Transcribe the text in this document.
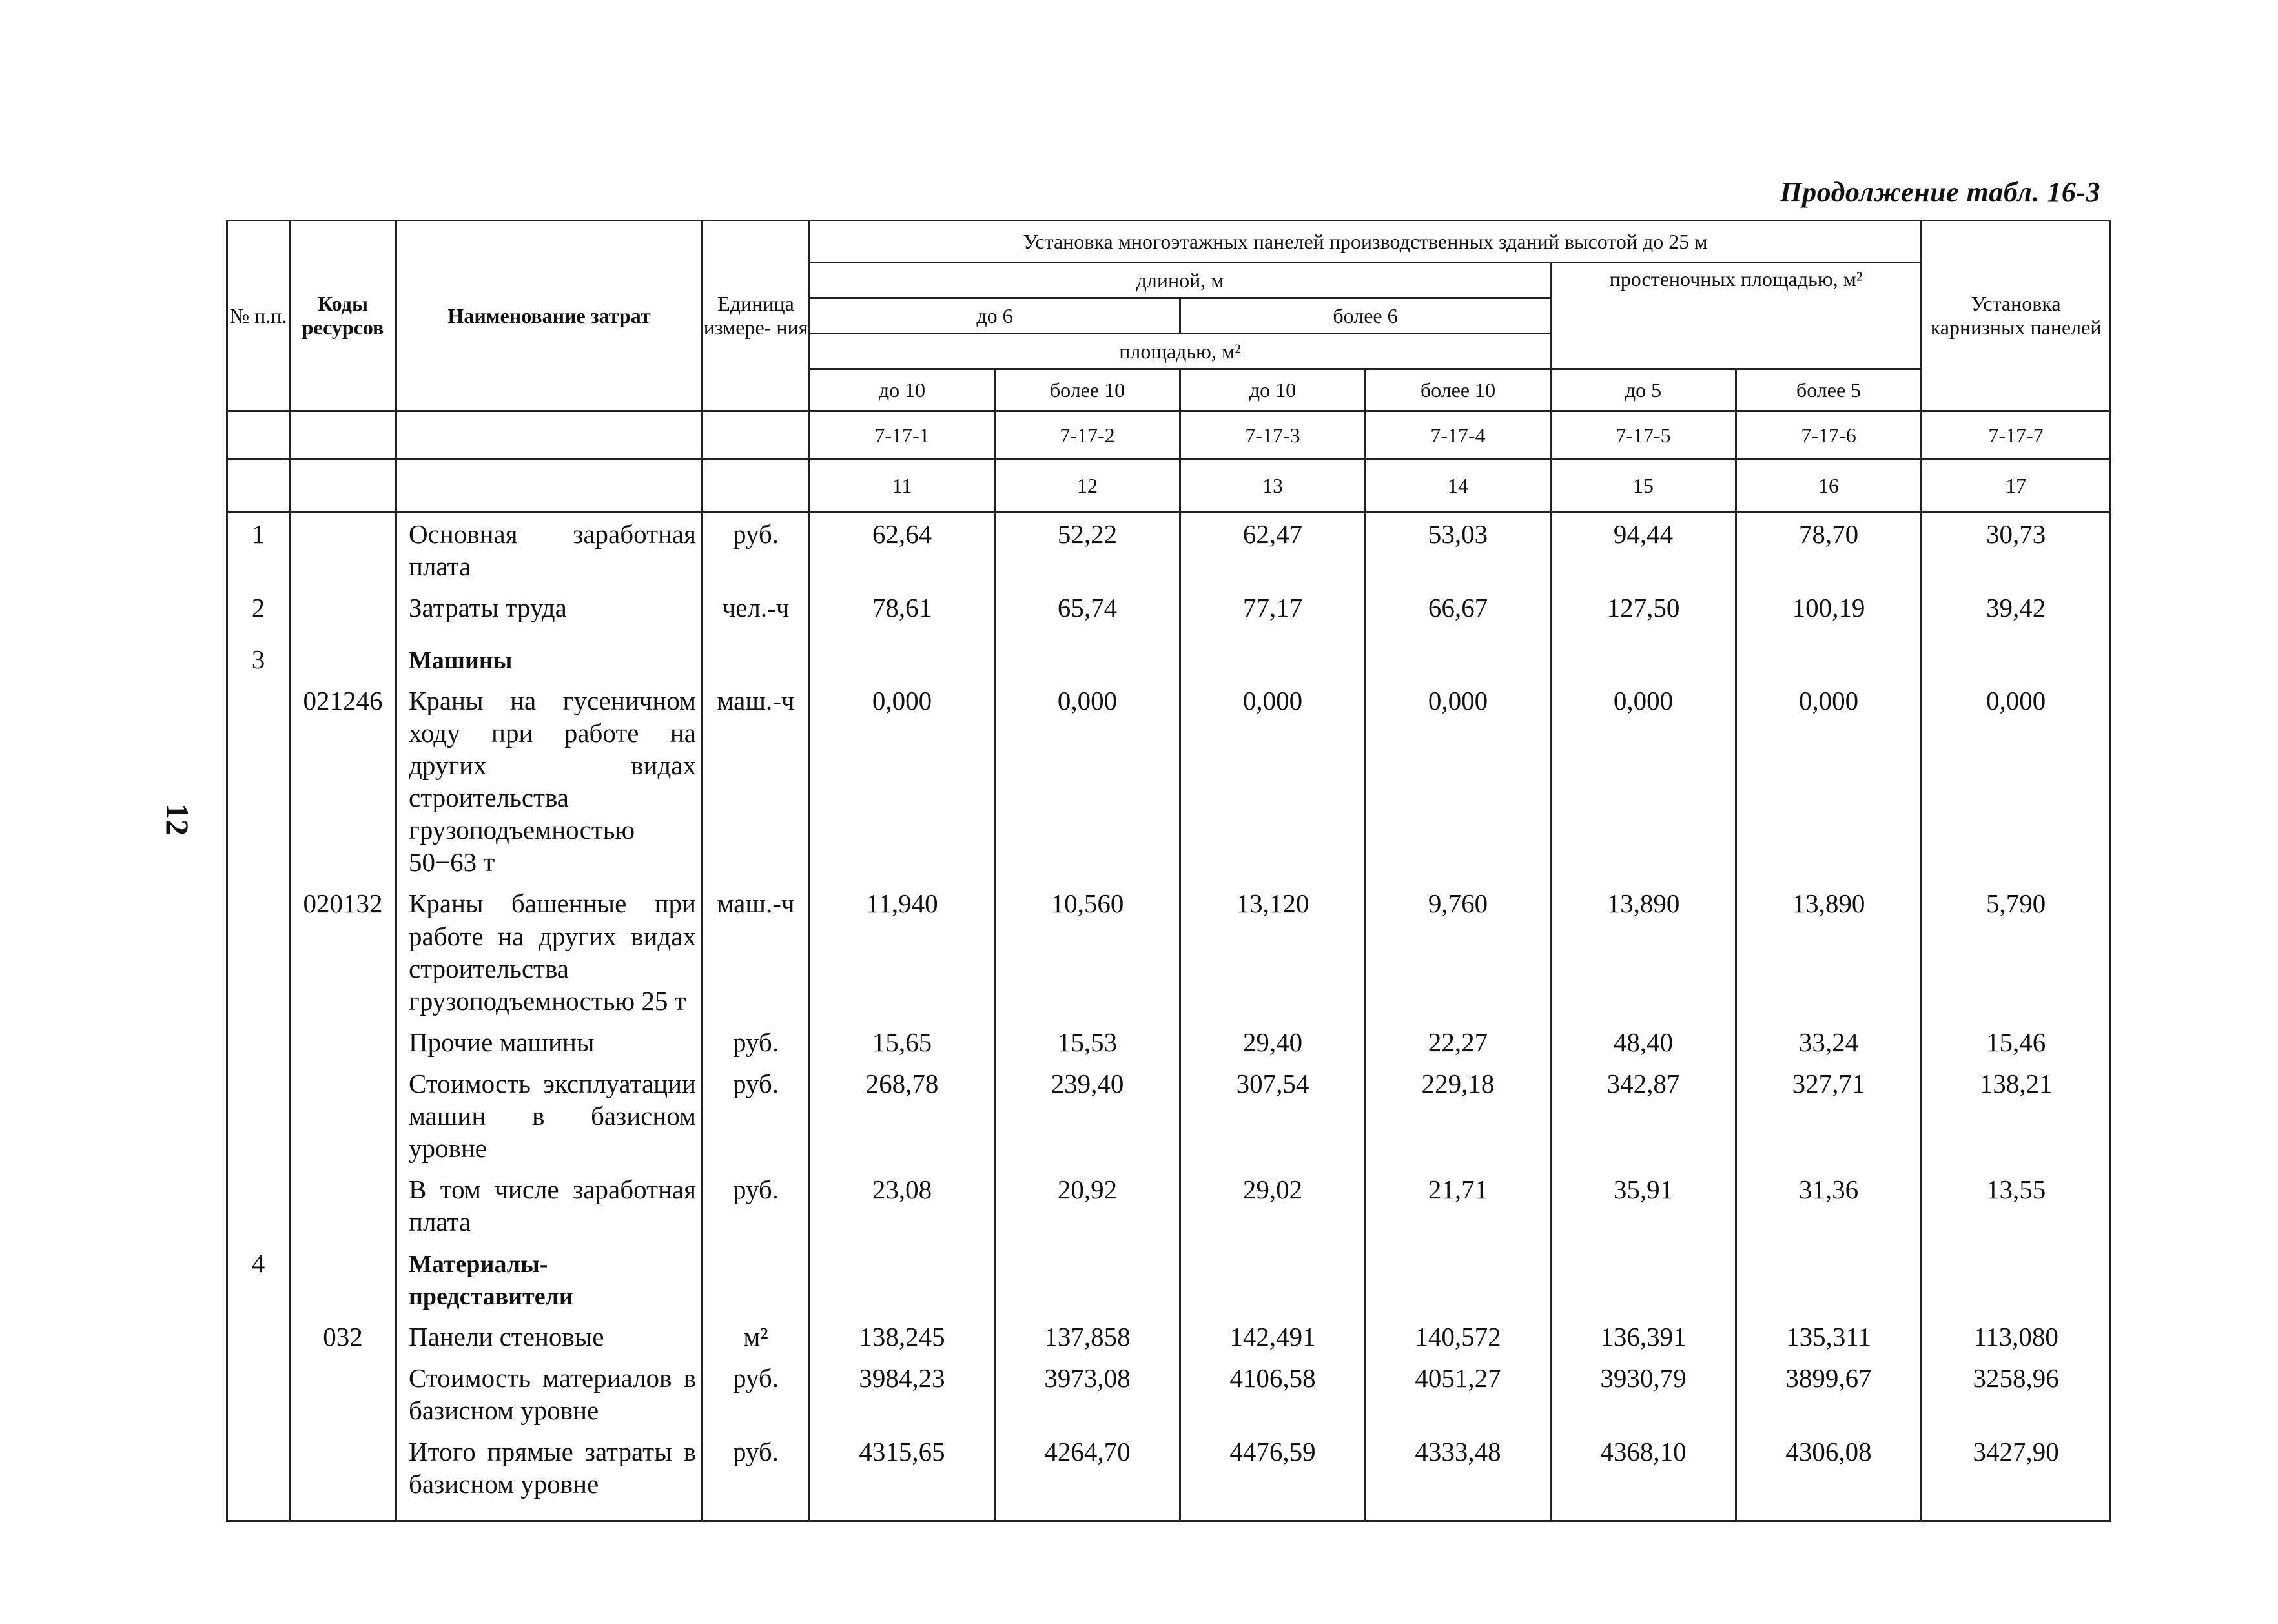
Продолжение табл. 16-3
12
№ п.п.	Коды ресурсов	Наименование затрат	Единица измере- ния	Установка многоэтажных панелей производственных зданий высотой до 25 м						Установка карнизных панелей
				длиной, м				простеночных площадью, м²		
				до 6		более 6				
				площадью, м²						
				до 10	более 10	до 10	более 10	до 5	более 5	
				7-17-1	7-17-2	7-17-3	7-17-4	7-17-5	7-17-6	7-17-7
				11	12	13	14	15	16	17
1		Основная заработная плата	руб.	62,64	52,22	62,47	53,03	94,44	78,70	30,73
2		Затраты труда	чел.-ч	78,61	65,74	77,17	66,67	127,50	100,19	39,42
3		Машины								
	021246	Краны на гусеничном ходу при работе на других видах строительства грузоподъемностью 50−63 т	маш.-ч	0,000	0,000	0,000	0,000	0,000	0,000	0,000
	020132	Краны башенные при работе на других видах строительства грузоподъемностью 25 т	маш.-ч	11,940	10,560	13,120	9,760	13,890	13,890	5,790
		Прочие машины	руб.	15,65	15,53	29,40	22,27	48,40	33,24	15,46
		Стоимость эксплуатации машин в базисном уровне	руб.	268,78	239,40	307,54	229,18	342,87	327,71	138,21
		В том числе заработная плата	руб.	23,08	20,92	29,02	21,71	35,91	31,36	13,55
4		Материалы-представители								
	032	Панели стеновые	м²	138,245	137,858	142,491	140,572	136,391	135,311	113,080
		Стоимость материалов в базисном уровне	руб.	3984,23	3973,08	4106,58	4051,27	3930,79	3899,67	3258,96
		Итого прямые затраты в базисном уровне	руб.	4315,65	4264,70	4476,59	4333,48	4368,10	4306,08	3427,90
